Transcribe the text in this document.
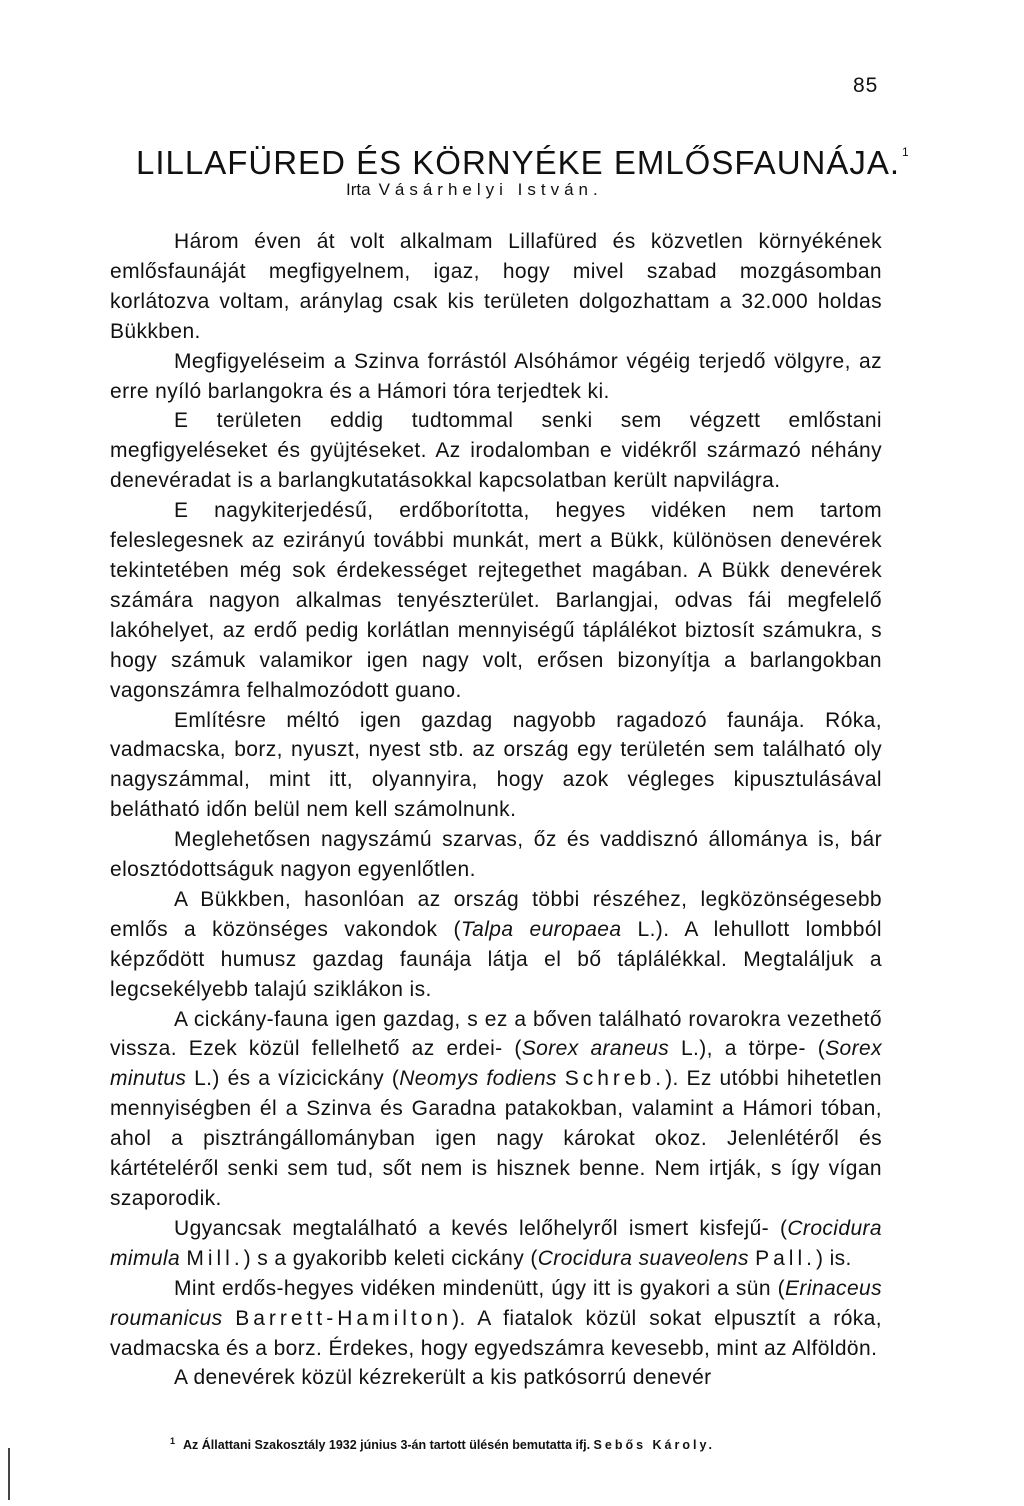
85
LILLAFÜRED ÉS KÖRNYÉKE EMLŐSFAUNÁJA. $^1$
Irta Vásárhelyi István.

Három éven át volt alkalmam Lillafüred és közvetlen környékének emlősfaunáját megfigyelnem, igaz, hogy mivel szabad mozgásomban korlátozva voltam, aránylag csak kis területen dolgozhattam a 32.000 holdas Bükkben.

Megfigyeléseim a Szinva forrástól Alsóhámor végéig terjedő völgyre, az erre nyíló barlangokra és a Hámori tóra terjedtek ki.

E területen eddig tudtommal senki sem végzett emlőstani megfigyeléseket és gyüjtéseket. Az irodalomban e vidékről származó néhány denevéradat is a barlangkutatásokkal kapcsolatban került napvilágra.

E nagykiterjedésű, erdőborította, hegyes vidéken nem tartom feleslegesnek az ezirányú további munkát, mert a Bükk, különösen denevérek tekintetében még sok érdekességet rejtegethet magában. A Bükk denevérek számára nagyon alkalmas tenyészterület. Barlangjai, odvas fái megfelelő lakóhelyet, az erdő pedig korlátlan mennyiségű táplálékot biztosít számukra, s hogy számuk valamikor igen nagy volt, erősen bizonyítja a barlangokban vagonszámra felhalmozódott guano.

Említésre méltó igen gazdag nagyobb ragadozó faunája. Róka, vadmacska, borz, nyuszt, nyest stb. az ország egy területén sem található oly nagyszámmal, mint itt, olyannyira, hogy azok végleges kipusztulásával belátható időn belül nem kell számolnunk.

Meglehetősen nagyszámú szarvas, őz és vaddisznó állománya is, bár elosztódottságuk nagyon egyenlőtlen.

A Bükkben, hasonlóan az ország többi részéhez, legközönségesebb emlős a közönséges vakondok (Talpa europaea L.). A lehullott lombból képződött humusz gazdag faunája látja el bő táplálékkal. Megtaláljuk a legcsekélyebb talajú sziklákon is.

A cickány-fauna igen gazdag, s ez a bőven található rovarokra vezethető vissza. Ezek közül fellelhető az erdei- (Sorex araneus L.), a törpe- (Sorex minutus L.) és a vízicickány (Neomys fodiens Schreb.). Ez utóbbi hihetetlen mennyiségben él a Szinva és Garadna patakokban, valamint a Hámori tóban, ahol a pisztrángállományban igen nagy károkat okoz. Jelenlétéről és kártételéről senki sem tud, sőt nem is hisznek benne. Nem irtják, s így vígan szaporodik.

Ugyancsak megtalálható a kevés lelőhelyről ismert kisfejű- (Crocidura mimula Mill.) s a gyakoribb keleti cickány (Crocidura suaveolens Pall.) is.

Mint erdős-hegyes vidéken mindenütt, úgy itt is gyakori a sün (Erinaceus roumanicus Barrett-Hamilton). A fiatalok közül sokat elpusztít a róka, vadmacska és a borz. Érdekes, hogy egyedszámra kevesebb, mint az Alföldön.

A denevérek közül kézrekerült a kis patkósorrú denevér

$^1$ Az Állattani Szakosztály 1932 június 3-án tartott ülésén bemutatta ifj. Sebős Károly.
